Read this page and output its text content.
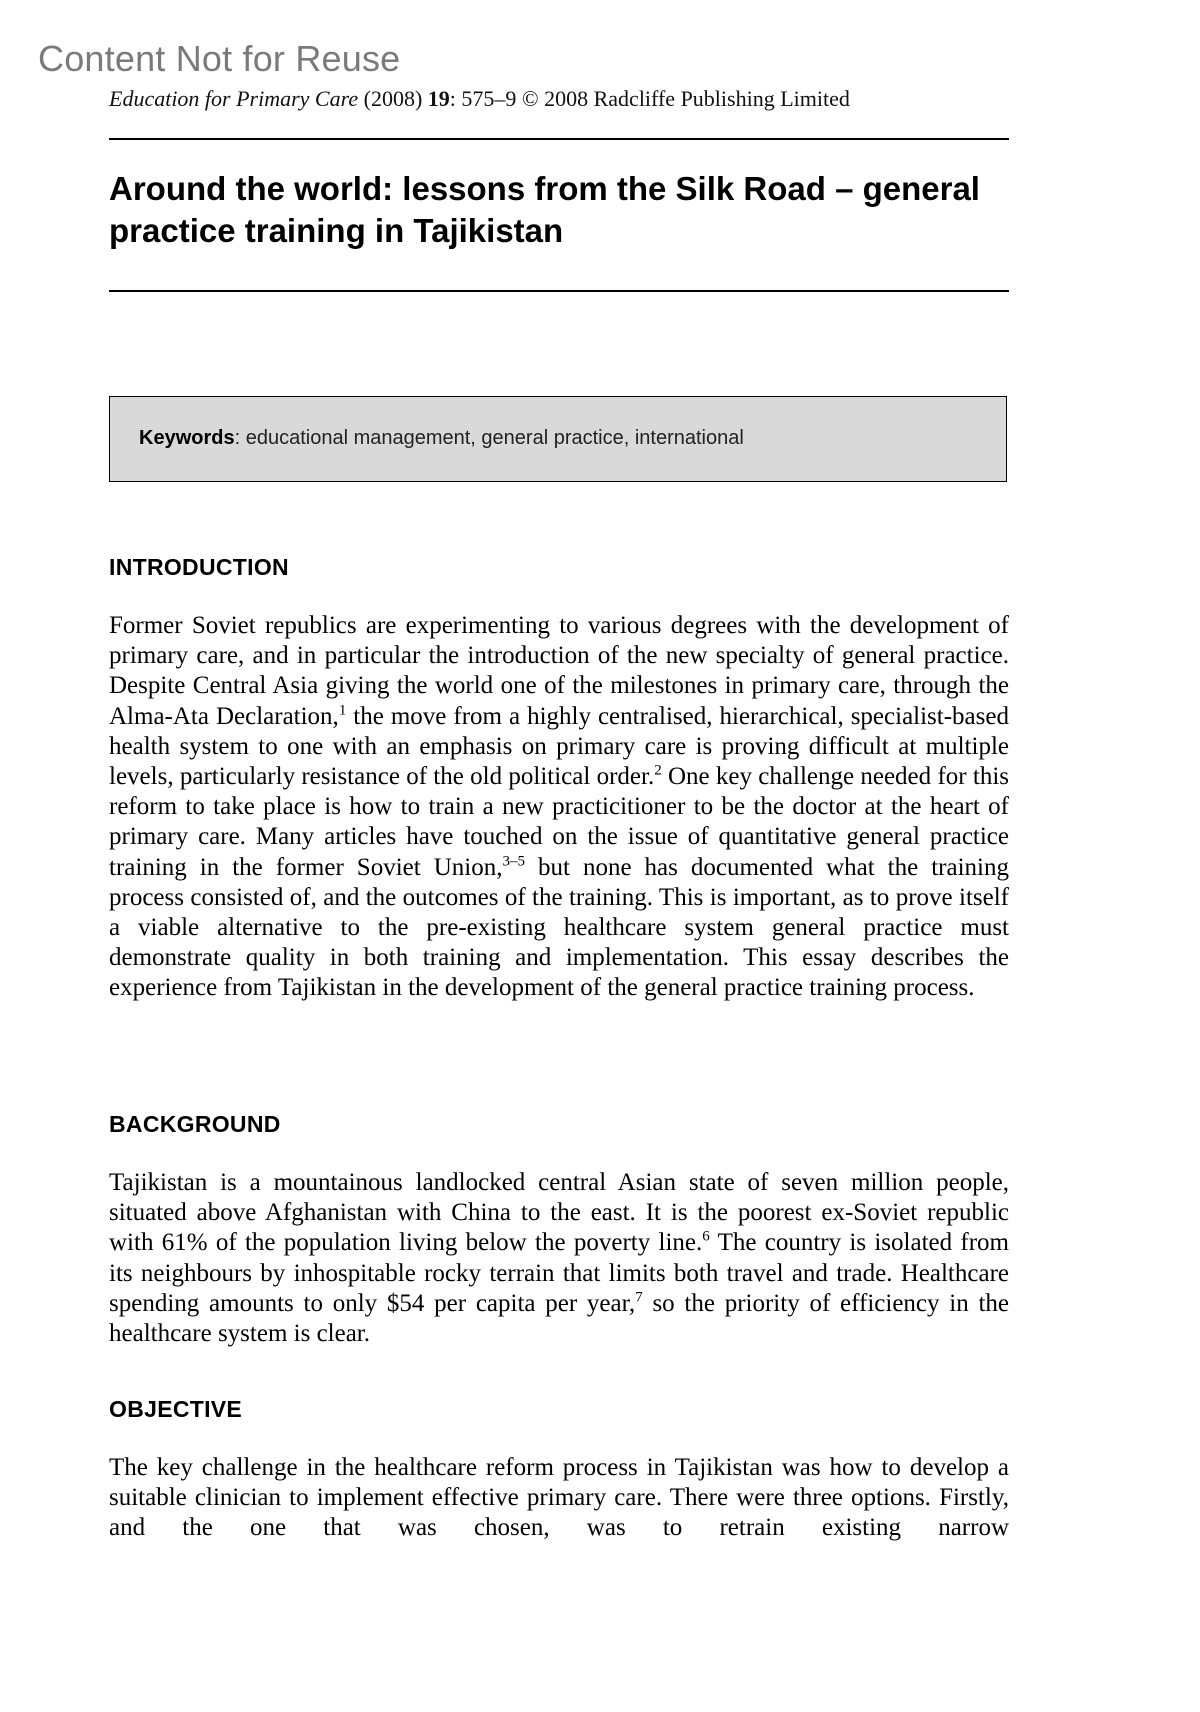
Content Not for Reuse
Education for Primary Care (2008) 19: 575–9 © 2008 Radcliffe Publishing Limited
Around the world: lessons from the Silk Road – general practice training in Tajikistan
Keywords: educational management, general practice, international
INTRODUCTION

Former Soviet republics are experimenting to various degrees with the development of primary care, and in particular the introduction of the new specialty of general practice. Despite Central Asia giving the world one of the milestones in primary care, through the Alma-Ata Declaration,$^1$ the move from a highly centralised, hierarchical, specialist-based health system to one with an emphasis on primary care is proving difficult at multiple levels, particularly resistance of the old political order.$^2$ One key challenge needed for this reform to take place is how to train a new practicitioner to be the doctor at the heart of primary care. Many articles have touched on the issue of quantitative general practice training in the former Soviet Union,$^{3-5}$ but none has documented what the training process consisted of, and the outcomes of the training. This is important, as to prove itself a viable alternative to the pre-existing healthcare system general practice must demonstrate quality in both training and implementation. This essay describes the experience from Tajikistan in the development of the general practice training process.

BACKGROUND

Tajikistan is a mountainous landlocked central Asian state of seven million people, situated above Afghanistan with China to the east. It is the poorest ex-Soviet republic with 61% of the population living below the poverty line.$^6$ The country is isolated from its neighbours by inhospitable rocky terrain that limits both travel and trade. Healthcare spending amounts to only $54 per capita per year,$^7$ so the priority of efficiency in the healthcare system is clear.

OBJECTIVE

The key challenge in the healthcare reform process in Tajikistan was how to develop a suitable clinician to implement effective primary care. There were three options. Firstly, and the one that was chosen, was to retrain existing narrow
